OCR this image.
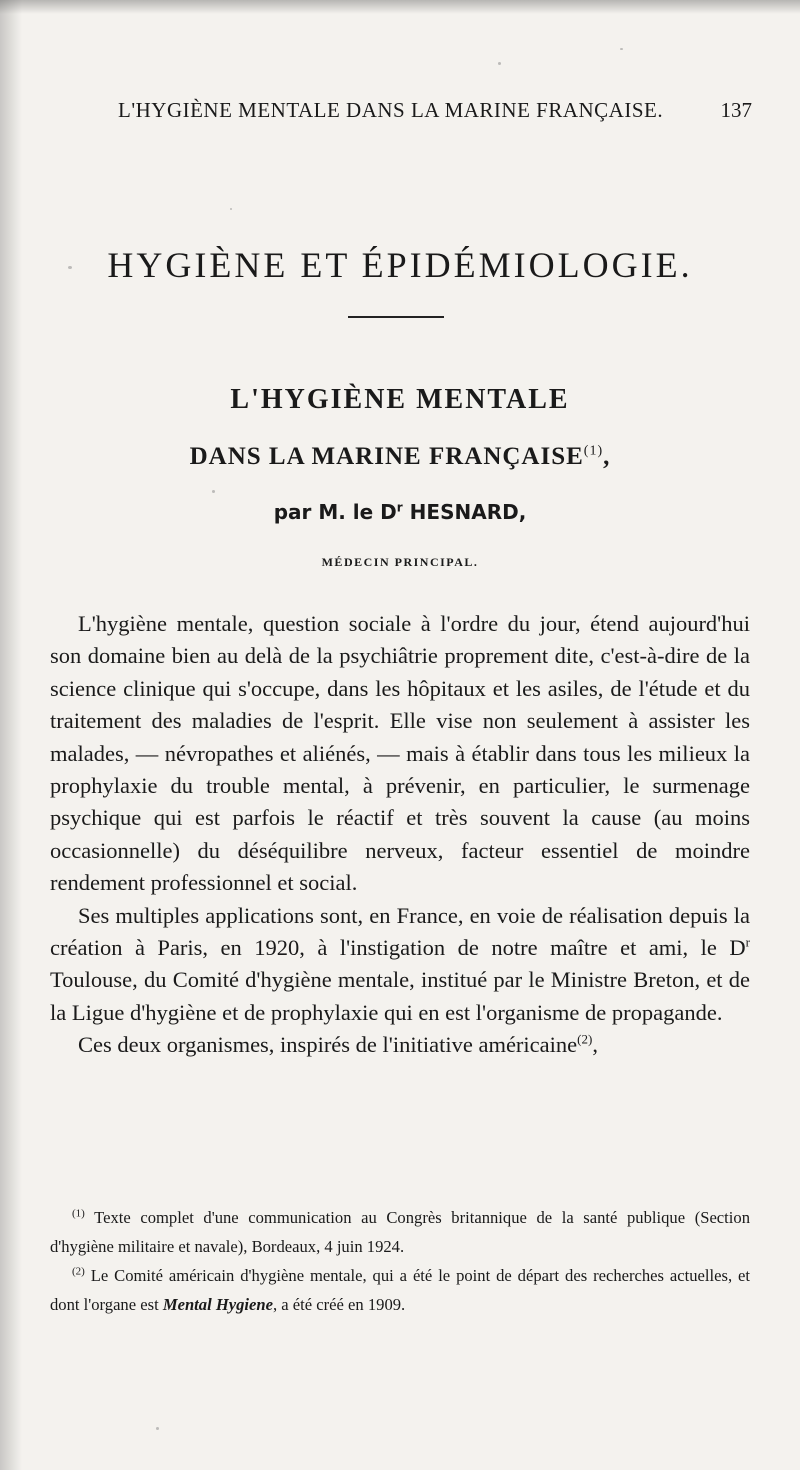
L'HYGIÈNE MENTALE DANS LA MARINE FRANÇAISE.	137
HYGIÈNE ET ÉPIDÉMIOLOGIE.
L'HYGIÈNE MENTALE
DANS LA MARINE FRANÇAISE$^{(1)}$,
par M. le $D^r$ HESNARD,
MÉDECIN PRINCIPAL.

L'hygiène mentale, question sociale à l'ordre du jour, étend aujourd'hui son domaine bien au delà de la psychiâtrie proprement dite, c'est-à-dire de la science clinique qui s'occupe, dans les hôpitaux et les asiles, de l'étude et du traitement des maladies de l'esprit. Elle vise non seulement à assister les malades, — névropathes et aliénés, — mais à établir dans tous les milieux la prophylaxie du trouble mental, à prévenir, en particulier, le surmenage psychique qui est parfois le réactif et très souvent la cause (au moins occasionnelle) du déséquilibre nerveux, facteur essentiel de moindre rendement professionnel et social.

Ses multiples applications sont, en France, en voie de réalisation depuis la création à Paris, en 1920, à l'instigation de notre maître et ami, le $D^r$ Toulouse, du Comité d'hygiène mentale, institué par le Ministre Breton, et de la Ligue d'hygiène et de prophylaxie qui en est l'organisme de propagande.

Ces deux organismes, inspirés de l'initiative américaine$^{(2)}$,

$^{(1)}$ Texte complet d'une communication au Congrès britannique de la santé publique (Section d'hygiène militaire et navale), Bordeaux, 4 juin 1924.

$^{(2)}$ Le Comité américain d'hygiène mentale, qui a été le point de départ des recherches actuelles, et dont l'organe est Mental Hygiene, a été créé en 1909.
